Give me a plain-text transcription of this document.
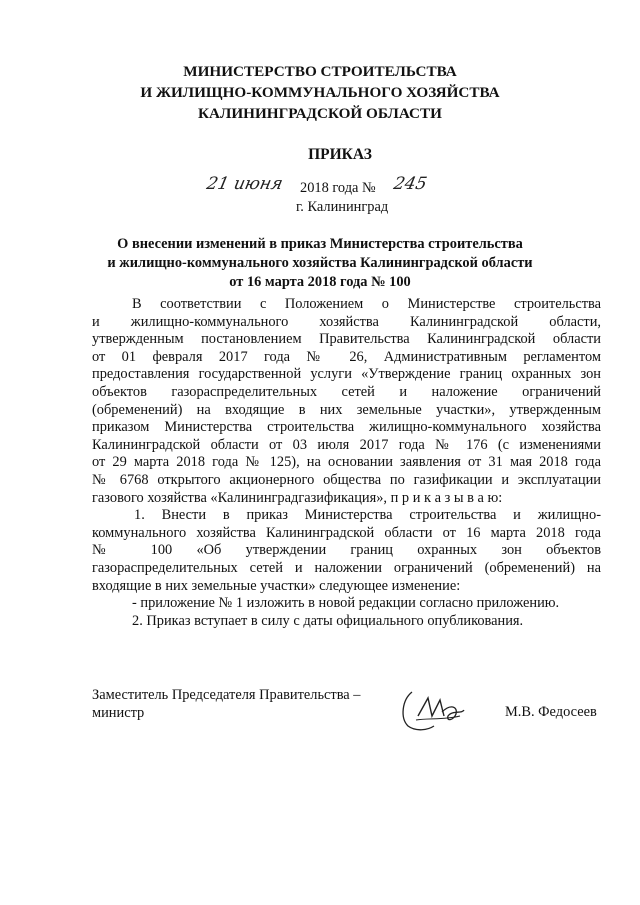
МИНИСТЕРСТВО СТРОИТЕЛЬСТВА
И ЖИЛИЩНО-КОММУНАЛЬНОГО ХОЗЯЙСТВА
КАЛИНИНГРАДСКОЙ ОБЛАСТИ
ПРИКАЗ
21 июня 2018 года № 245
г. Калининград
О внесении изменений в приказ Министерства строительства
и жилищно-коммунального хозяйства Калининградской области
от 16 марта 2018 года № 100
В соответствии с Положением о Министерстве строительства
и жилищно-коммунального хозяйства Калининградской области,
утвержденным постановлением Правительства Калининградской области
от 01 февраля 2017 года № 26, Административным регламентом
предоставления государственной услуги «Утверждение границ охранных зон
объектов газораспределительных сетей и наложение ограничений
(обременений) на входящие в них земельные участки», утвержденным
приказом Министерства строительства жилищно-коммунального хозяйства
Калининградской области от 03 июля 2017 года № 176 (с изменениями
от 29 марта 2018 года № 125), на основании заявления от 31 мая 2018 года
№ 6768 открытого акционерного общества по газификации и эксплуатации
газового хозяйства «Калининградгазификация», п р и к а з ы в а ю:
1. Внести в приказ Министерства строительства и жилищно-
коммунального хозяйства Калининградской области от 16 марта 2018 года
№ 100 «Об утверждении границ охранных зон объектов
газораспределительных сетей и наложении ограничений (обременений) на
входящие в них земельные участки» следующее изменение:
- приложение № 1 изложить в новой редакции согласно приложению.
2. Приказ вступает в силу с даты официального опубликования.
Заместитель Председателя Правительства –
министр	М.В. Федосеев
